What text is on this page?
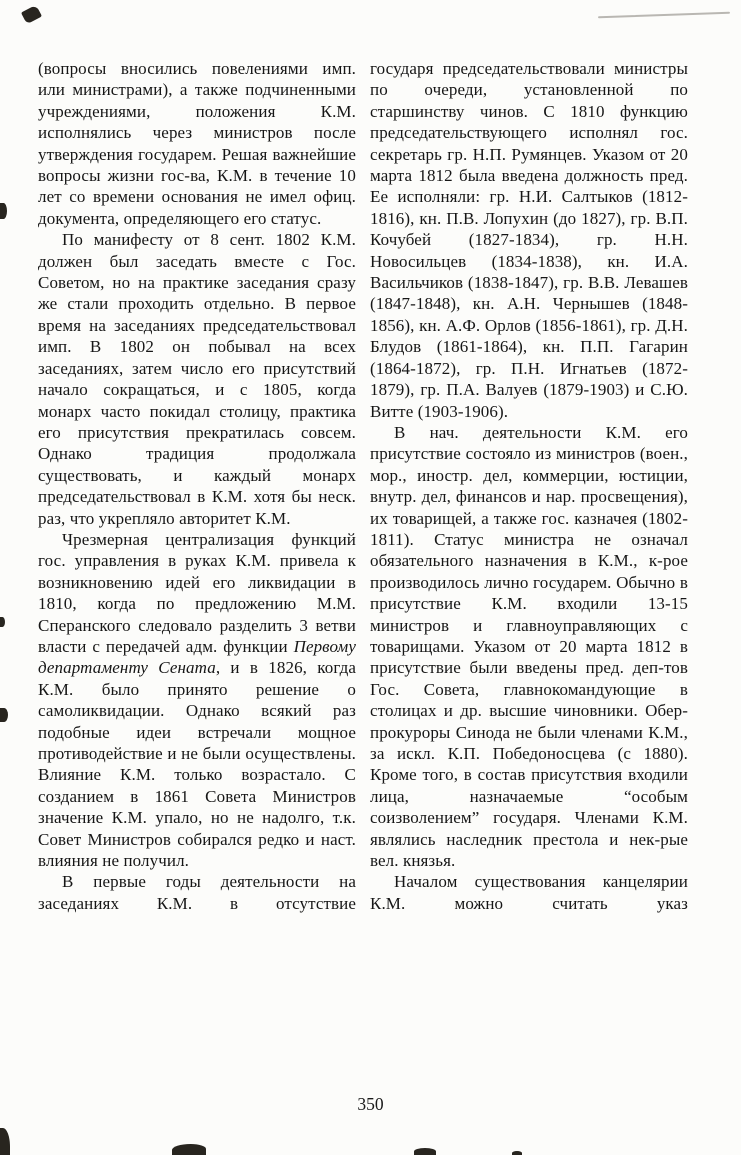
(вопросы вносились повелениями имп. или министрами), а также подчиненными учреждениями, положения К.М. исполнялись через министров после утверждения государем. Решая важнейшие вопросы жизни гос-ва, К.М. в течение 10 лет со времени основания не имел офиц. документа, определяющего его статус.

По манифесту от 8 сент. 1802 К.М. должен был заседать вместе с Гос. Советом, но на практике заседания сразу же стали проходить отдельно. В первое время на заседаниях председательствовал имп. В 1802 он побывал на всех заседаниях, затем число его присутствий начало сокращаться, и с 1805, когда монарх часто покидал столицу, практика его присутствия прекратилась совсем. Однако традиция продолжала существовать, и каждый монарх председательствовал в К.М. хотя бы неск. раз, что укрепляло авторитет К.М.

Чрезмерная централизация функций гос. управления в руках К.М. привела к возникновению идей его ликвидации в 1810, когда по предложению М.М. Сперанского следовало разделить 3 ветви власти с передачей адм. функции Первому департаменту Сената, и в 1826, когда К.М. было принято решение о самоликвидации. Однако всякий раз подобные идеи встречали мощное противодействие и не были осуществлены. Влияние К.М. только возрастало. С созданием в 1861 Совета Министров значение К.М. упало, но не надолго, т.к. Совет Министров собирался редко и наст. влияния не получил.

В первые годы деятельности на заседаниях К.М. в отсутствие

государя председательствовали министры по очереди, установленной по старшинству чинов. С 1810 функцию председательствующего исполнял гос. секретарь гр. Н.П. Румянцев. Указом от 20 марта 1812 была введена должность пред. Ее исполняли: гр. Н.И. Салтыков (1812-1816), кн. П.В. Лопухин (до 1827), гр. В.П. Кочубей (1827-1834), гр. Н.Н. Новосильцев (1834-1838), кн. И.А. Васильчиков (1838-1847), гр. В.В. Левашев (1847-1848), кн. А.Н. Чернышев (1848-1856), кн. А.Ф. Орлов (1856-1861), гр. Д.Н. Блудов (1861-1864), кн. П.П. Гагарин (1864-1872), гр. П.Н. Игнатьев (1872-1879), гр. П.А. Валуев (1879-1903) и С.Ю. Витте (1903-1906).

В нач. деятельности К.М. его присутствие состояло из министров (воен., мор., иностр. дел, коммерции, юстиции, внутр. дел, финансов и нар. просвещения), их товарищей, а также гос. казначея (1802-1811). Статус министра не означал обязательного назначения в К.М., к-рое производилось лично государем. Обычно в присутствие К.М. входили 13-15 министров и главноуправляющих с товарищами. Указом от 20 марта 1812 в присутствие были введены пред. деп-тов Гос. Совета, главнокомандующие в столицах и др. высшие чиновники. Обер-прокуроры Синода не были членами К.М., за искл. К.П. Победоносцева (с 1880). Кроме того, в состав присутствия входили лица, назначаемые “особым соизволением” государя. Членами К.М. являлись наследник престола и нек-рые вел. князья.

Началом существования канцелярии К.М. можно считать указ

350
